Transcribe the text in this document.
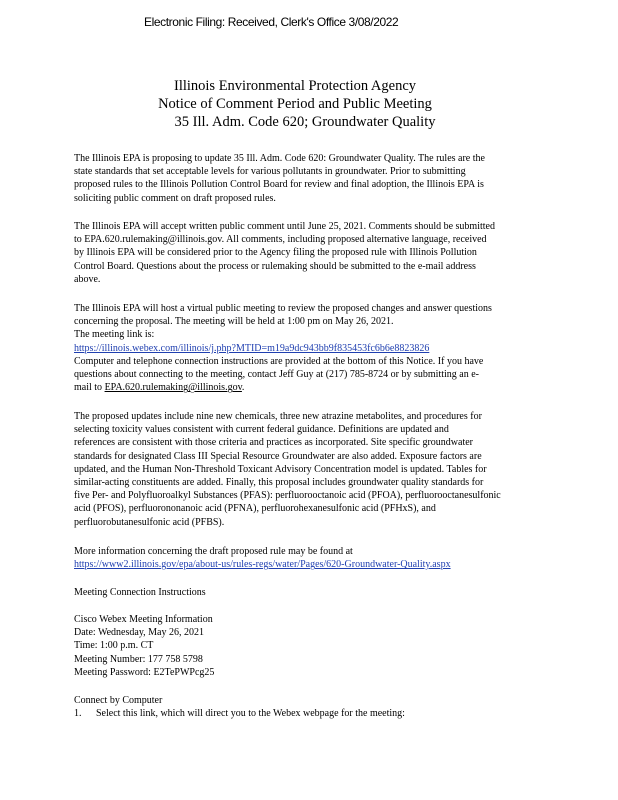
Electronic Filing: Received, Clerk's Office 3/08/2022
Illinois Environmental Protection Agency
Notice of Comment Period and Public Meeting
35 Ill. Adm. Code 620; Groundwater Quality
The Illinois EPA is proposing to update 35 Ill. Adm. Code 620: Groundwater Quality. The rules are the
state standards that set acceptable levels for various pollutants in groundwater. Prior to submitting
proposed rules to the Illinois Pollution Control Board for review and final adoption, the Illinois EPA is
soliciting public comment on draft proposed rules.
The Illinois EPA will accept written public comment until June 25, 2021. Comments should be submitted
to EPA.620.rulemaking@illinois.gov. All comments, including proposed alternative language, received
by Illinois EPA will be considered prior to the Agency filing the proposed rule with Illinois Pollution
Control Board. Questions about the process or rulemaking should be submitted to the e-mail address
above.
The Illinois EPA will host a virtual public meeting to review the proposed changes and answer questions
concerning the proposal. The meeting will be held at 1:00 pm on May 26, 2021.
The meeting link is:
https://illinois.webex.com/illinois/j.php?MTID=m19a9dc943bb9f835453fc6b6e8823826
Computer and telephone connection instructions are provided at the bottom of this Notice. If you have
questions about connecting to the meeting, contact Jeff Guy at (217) 785-8724 or by submitting an e-
mail to EPA.620.rulemaking@illinois.gov.
The proposed updates include nine new chemicals, three new atrazine metabolites, and procedures for
selecting toxicity values consistent with current federal guidance. Definitions are updated and
references are consistent with those criteria and practices as incorporated. Site specific groundwater
standards for designated Class III Special Resource Groundwater are also added. Exposure factors are
updated, and the Human Non-Threshold Toxicant Advisory Concentration model is updated. Tables for
similar-acting constituents are added. Finally, this proposal includes groundwater quality standards for
five Per- and Polyfluoroalkyl Substances (PFAS): perfluorooctanoic acid (PFOA), perfluorooctanesulfonic
acid (PFOS), perfluorononanoic acid (PFNA), perfluorohexanesulfonic acid (PFHxS), and
perfluorobutanesulfonic acid (PFBS).
More information concerning the draft proposed rule may be found at
https://www2.illinois.gov/epa/about-us/rules-regs/water/Pages/620-Groundwater-Quality.aspx
Meeting Connection Instructions
Cisco Webex Meeting Information
Date: Wednesday, May 26, 2021
Time: 1:00 p.m. CT
Meeting Number: 177 758 5798
Meeting Password: E2TePWPcg25
Connect by Computer
1. Select this link, which will direct you to the Webex webpage for the meeting:
